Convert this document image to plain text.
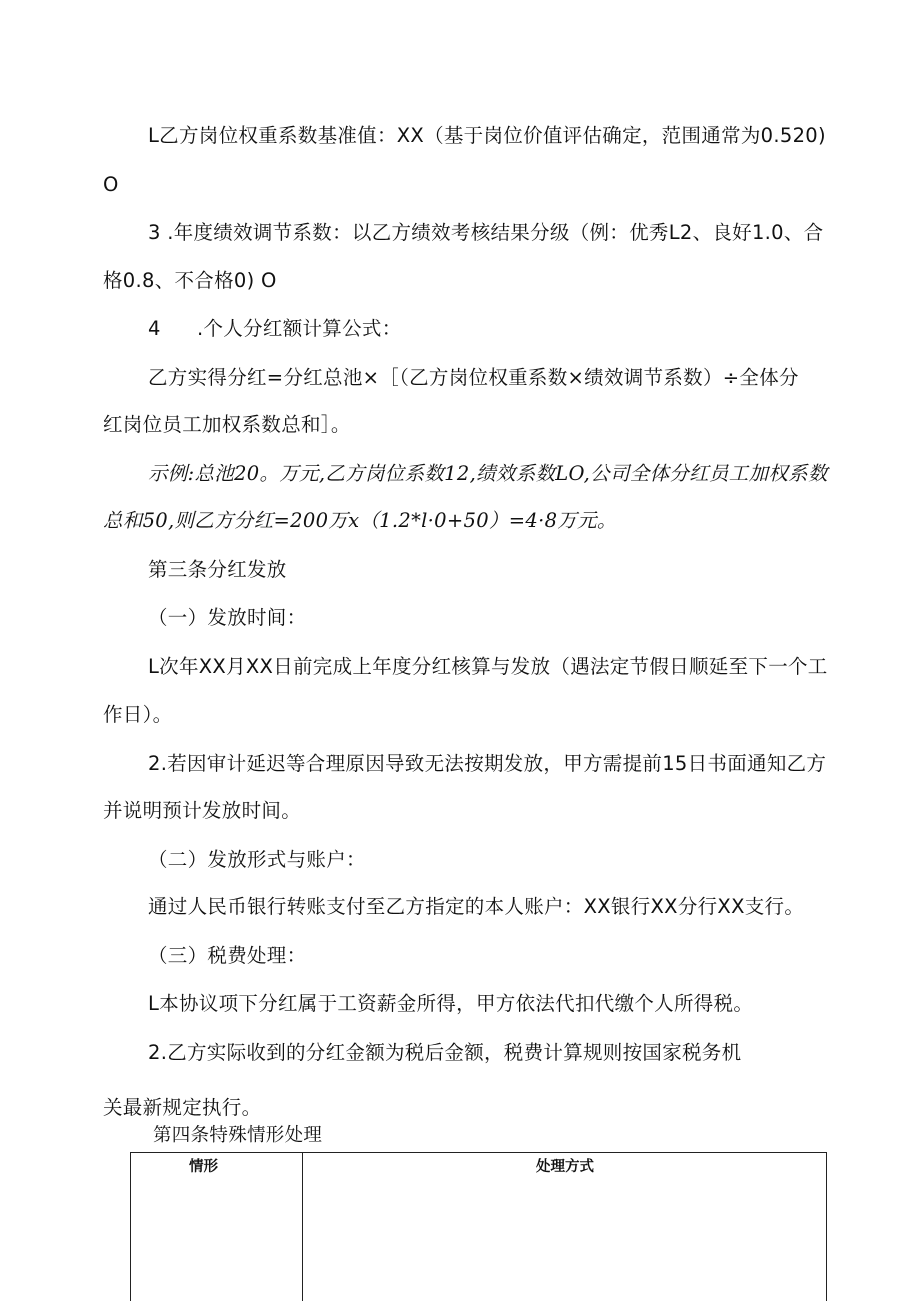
L乙方岗位权重系数基准值：XX（基于岗位价值评估确定，范围通常为0.520)
O
3 .年度绩效调节系数：以乙方绩效考核结果分级（例：优秀L2、良好1.0、合
格0.8、不合格0) O
4 .个人分红额计算公式：
乙方实得分红=分红总池×［（乙方岗位权重系数×绩效调节系数）÷全体分
红岗位员工加权系数总和］。
示例:总池20。万元,乙方岗位系数12,绩效系数LO,公司全体分红员工加权系数
总和50,则乙方分红=200万x（1.2*l·0+50）=4·8万元。
第三条分红发放
（一）发放时间：
L次年XX月XX日前完成上年度分红核算与发放（遇法定节假日顺延至下一个工
作日）。
2.若因审计延迟等合理原因导致无法按期发放，甲方需提前15日书面通知乙方
并说明预计发放时间。
（二）发放形式与账户：
通过人民币银行转账支付至乙方指定的本人账户：XX银行XX分行XX支行。
（三）税费处理：
L本协议项下分红属于工资薪金所得，甲方依法代扣代缴个人所得税。
2.乙方实际收到的分红金额为税后金额，税费计算规则按国家税务机
关最新规定执行。
第四条特殊情形处理
情形	处理方式
